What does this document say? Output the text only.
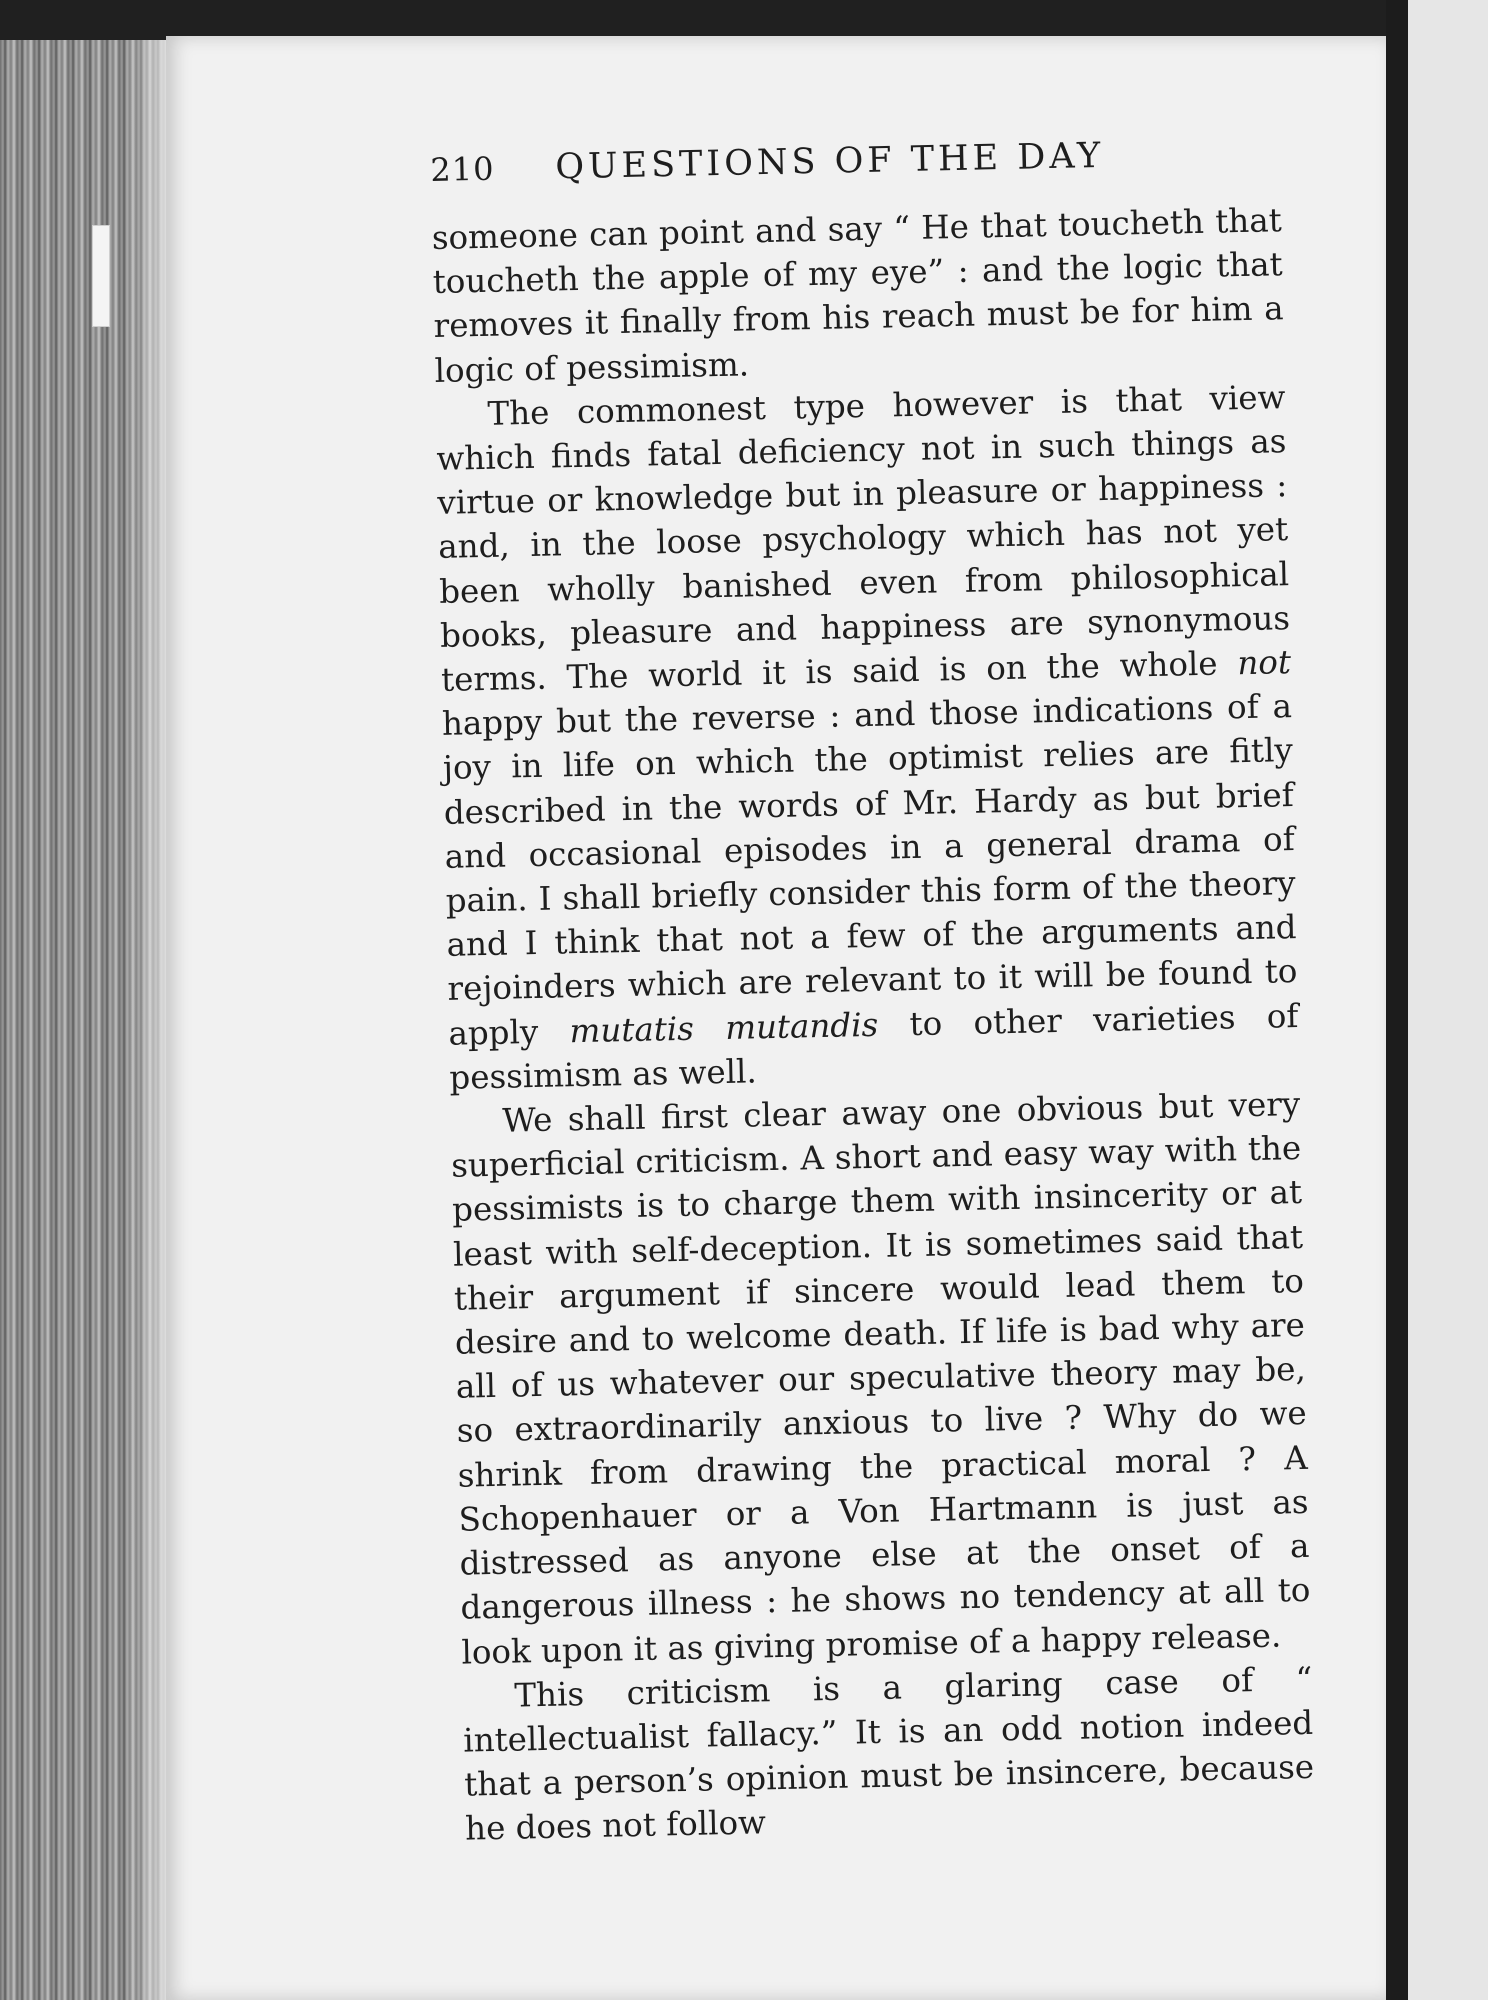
210	QUESTIONS OF THE DAY

someone can point and say “ He that toucheth that toucheth the apple of my eye” : and the logic that removes it finally from his reach must be for him a logic of pessimism.

The commonest type however is that view which finds fatal deficiency not in such things as virtue or knowledge but in pleasure or happiness : and, in the loose psychology which has not yet been wholly banished even from philosophical books, pleasure and happiness are synonymous terms. The world it is said is on the whole not happy but the reverse : and those indications of a joy in life on which the optimist relies are fitly described in the words of Mr. Hardy as but brief and occasional episodes in a general drama of pain. I shall briefly consider this form of the theory and I think that not a few of the arguments and rejoinders which are relevant to it will be found to apply mutatis mutandis to other varieties of pessimism as well.

We shall first clear away one obvious but very superficial criticism. A short and easy way with the pessimists is to charge them with insincerity or at least with self-deception. It is sometimes said that their argument if sincere would lead them to desire and to welcome death. If life is bad why are all of us whatever our speculative theory may be, so extraordinarily anxious to live ? Why do we shrink from drawing the practical moral ? A Schopenhauer or a Von Hartmann is just as distressed as anyone else at the onset of a dangerous illness : he shows no tendency at all to look upon it as giving promise of a happy release.

This criticism is a glaring case of “ intellectualist fallacy.” It is an odd notion indeed that a person’s opinion must be insincere, because he does not follow
